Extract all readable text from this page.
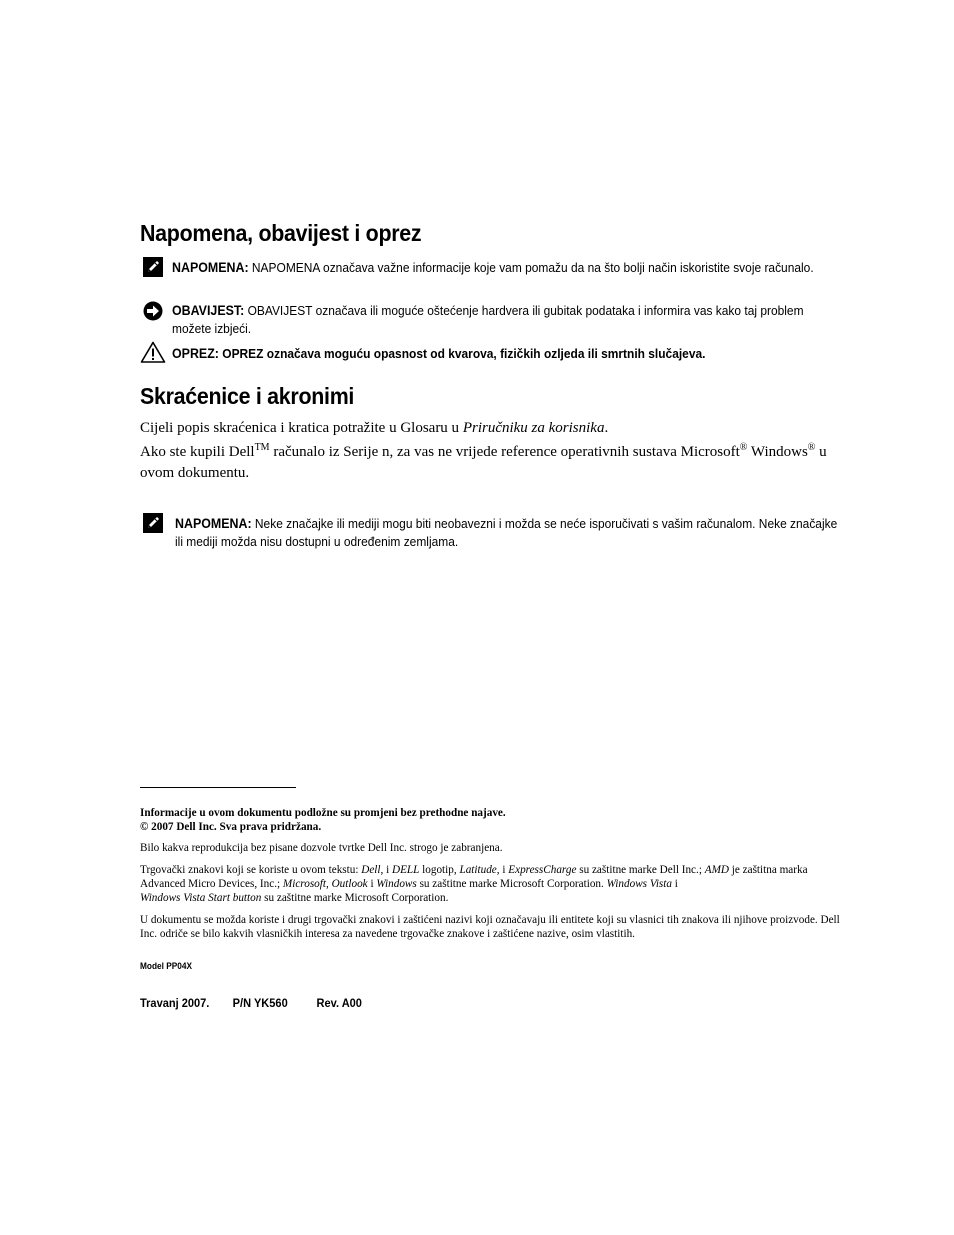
Napomena, obavijest i oprez
NAPOMENA: NAPOMENA označava važne informacije koje vam pomažu da na što bolji način iskoristite svoje računalo.
OBAVIJEST: OBAVIJEST označava ili moguće oštećenje hardvera ili gubitak podataka i informira vas kako taj problem možete izbjeći.
OPREZ: OPREZ označava moguću opasnost od kvarova, fizičkih ozljeda ili smrtnih slučajeva.
Skraćenice i akronimi
Cijeli popis skraćenica i kratica potražite u Glosaru u Priručniku za korisnika.
Ako ste kupili Dell™ računalo iz Serije n, za vas ne vrijede reference operativnih sustava Microsoft® Windows® u ovom dokumentu.
NAPOMENA: Neke značajke ili mediji mogu biti neobavezni i možda se neće isporučivati s vašim računalom. Neke značajke ili mediji možda nisu dostupni u određenim zemljama.
Informacije u ovom dokumentu podložne su promjeni bez prethodne najave.
© 2007 Dell Inc. Sva prava pridržana.
Bilo kakva reprodukcija bez pisane dozvole tvrtke Dell Inc. strogo je zabranjena.
Trgovački znakovi koji se koriste u ovom tekstu: Dell, i DELL logotip, Latitude, i ExpressCharge su zaštitne marke Dell Inc.; AMD je zaštitna marka Advanced Micro Devices, Inc.; Microsoft, Outlook i Windows su zaštitne marke Microsoft Corporation. Windows Vista i
Windows Vista Start button su zaštitne marke Microsoft Corporation.
U dokumentu se možda koriste i drugi trgovački znakovi i zaštićeni nazivi koji označavaju ili entitete koji su vlasnici tih znakova ili njihove proizvode. Dell Inc. odriče se bilo kakvih vlasničkih interesa za navedene trgovačke znakove i zaštićene nazive, osim vlastitih.
Model PP04X
Travanj 2007. P/N YK560 Rev. A00
